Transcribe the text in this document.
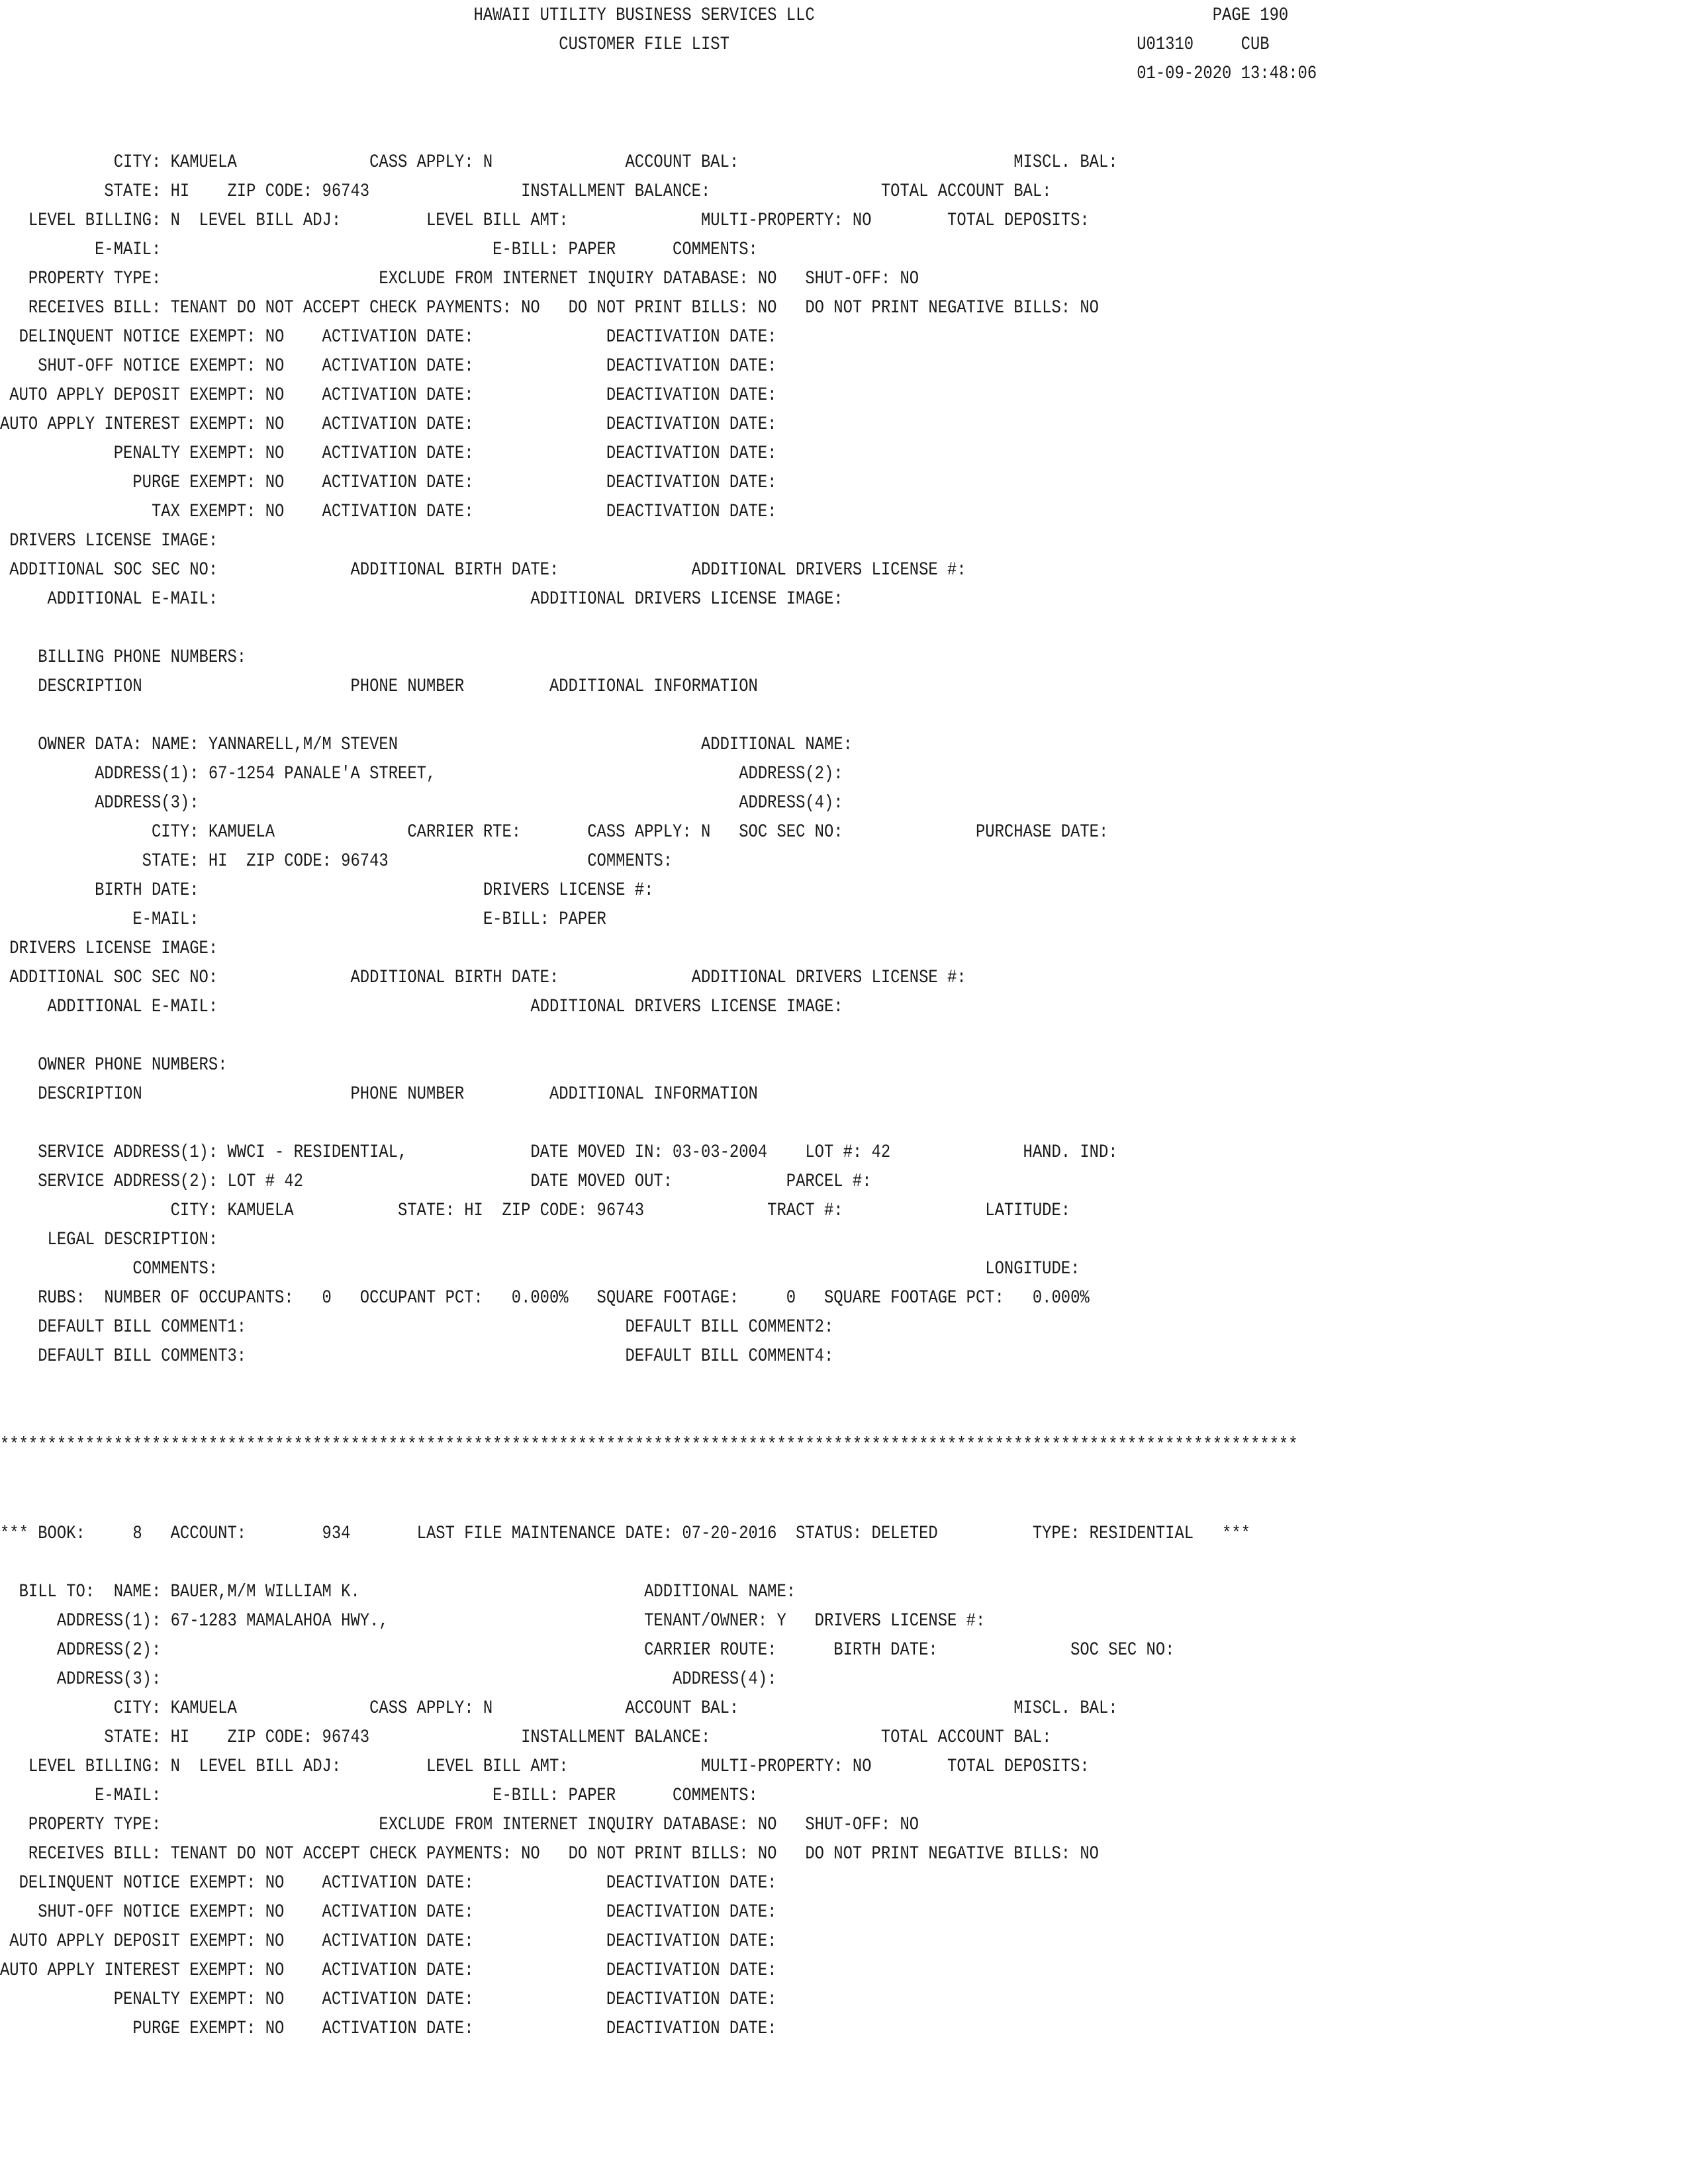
HAWAII UTILITY BUSINESS SERVICES LLC                                          PAGE 190
CUSTOMER FILE LIST                                           U01310     CUB
01-09-2020 13:48:06
CITY: KAMUELA              CASS APPLY: N              ACCOUNT BAL:                             MISCL. BAL:
STATE: HI    ZIP CODE: 96743                INSTALLMENT BALANCE:                  TOTAL ACCOUNT BAL:
LEVEL BILLING: N  LEVEL BILL ADJ:         LEVEL BILL AMT:              MULTI-PROPERTY: NO        TOTAL DEPOSITS:
E-MAIL:                                   E-BILL: PAPER      COMMENTS:
PROPERTY TYPE:                       EXCLUDE FROM INTERNET INQUIRY DATABASE: NO   SHUT-OFF: NO
RECEIVES BILL: TENANT DO NOT ACCEPT CHECK PAYMENTS: NO   DO NOT PRINT BILLS: NO   DO NOT PRINT NEGATIVE BILLS: NO
DELINQUENT NOTICE EXEMPT: NO    ACTIVATION DATE:              DEACTIVATION DATE:
SHUT-OFF NOTICE EXEMPT: NO    ACTIVATION DATE:              DEACTIVATION DATE:
AUTO APPLY DEPOSIT EXEMPT: NO    ACTIVATION DATE:              DEACTIVATION DATE:
AUTO APPLY INTEREST EXEMPT: NO    ACTIVATION DATE:              DEACTIVATION DATE:
PENALTY EXEMPT: NO    ACTIVATION DATE:              DEACTIVATION DATE:
PURGE EXEMPT: NO    ACTIVATION DATE:              DEACTIVATION DATE:
TAX EXEMPT: NO    ACTIVATION DATE:              DEACTIVATION DATE:
DRIVERS LICENSE IMAGE:
ADDITIONAL SOC SEC NO:              ADDITIONAL BIRTH DATE:              ADDITIONAL DRIVERS LICENSE #:
ADDITIONAL E-MAIL:                                 ADDITIONAL DRIVERS LICENSE IMAGE:
BILLING PHONE NUMBERS:
DESCRIPTION                      PHONE NUMBER         ADDITIONAL INFORMATION
OWNER DATA: NAME: YANNARELL,M/M STEVEN                                ADDITIONAL NAME:
ADDRESS(1): 67-1254 PANALE'A STREET,                                ADDRESS(2):
ADDRESS(3):                                                         ADDRESS(4):
CITY: KAMUELA              CARRIER RTE:       CASS APPLY: N   SOC SEC NO:              PURCHASE DATE:
STATE: HI  ZIP CODE: 96743                     COMMENTS:
BIRTH DATE:                              DRIVERS LICENSE #:
E-MAIL:                              E-BILL: PAPER
DRIVERS LICENSE IMAGE:
ADDITIONAL SOC SEC NO:              ADDITIONAL BIRTH DATE:              ADDITIONAL DRIVERS LICENSE #:
ADDITIONAL E-MAIL:                                 ADDITIONAL DRIVERS LICENSE IMAGE:
OWNER PHONE NUMBERS:
DESCRIPTION                      PHONE NUMBER         ADDITIONAL INFORMATION
SERVICE ADDRESS(1): WWCI - RESIDENTIAL,             DATE MOVED IN: 03-03-2004    LOT #: 42              HAND. IND:
SERVICE ADDRESS(2): LOT # 42                        DATE MOVED OUT:            PARCEL #:
CITY: KAMUELA           STATE: HI  ZIP CODE: 96743             TRACT #:               LATITUDE:
LEGAL DESCRIPTION:
COMMENTS:                                                                                 LONGITUDE:
RUBS:  NUMBER OF OCCUPANTS:   0   OCCUPANT PCT:   0.000%   SQUARE FOOTAGE:     0   SQUARE FOOTAGE PCT:   0.000%
DEFAULT BILL COMMENT1:                                        DEFAULT BILL COMMENT2:
DEFAULT BILL COMMENT3:                                        DEFAULT BILL COMMENT4:
*****************************************************************************************************************************************
*** BOOK:     8   ACCOUNT:        934       LAST FILE MAINTENANCE DATE: 07-20-2016  STATUS: DELETED          TYPE: RESIDENTIAL   ***
BILL TO:  NAME: BAUER,M/M WILLIAM K.                              ADDITIONAL NAME:
ADDRESS(1): 67-1283 MAMALAHOA HWY.,                           TENANT/OWNER: Y   DRIVERS LICENSE #:
ADDRESS(2):                                                   CARRIER ROUTE:      BIRTH DATE:              SOC SEC NO:
ADDRESS(3):                                                      ADDRESS(4):
CITY: KAMUELA              CASS APPLY: N              ACCOUNT BAL:                             MISCL. BAL:
STATE: HI    ZIP CODE: 96743                INSTALLMENT BALANCE:                  TOTAL ACCOUNT BAL:
LEVEL BILLING: N  LEVEL BILL ADJ:         LEVEL BILL AMT:              MULTI-PROPERTY: NO        TOTAL DEPOSITS:
E-MAIL:                                   E-BILL: PAPER      COMMENTS:
PROPERTY TYPE:                       EXCLUDE FROM INTERNET INQUIRY DATABASE: NO   SHUT-OFF: NO
RECEIVES BILL: TENANT DO NOT ACCEPT CHECK PAYMENTS: NO   DO NOT PRINT BILLS: NO   DO NOT PRINT NEGATIVE BILLS: NO
DELINQUENT NOTICE EXEMPT: NO    ACTIVATION DATE:              DEACTIVATION DATE:
SHUT-OFF NOTICE EXEMPT: NO    ACTIVATION DATE:              DEACTIVATION DATE:
AUTO APPLY DEPOSIT EXEMPT: NO    ACTIVATION DATE:              DEACTIVATION DATE:
AUTO APPLY INTEREST EXEMPT: NO    ACTIVATION DATE:              DEACTIVATION DATE:
PENALTY EXEMPT: NO    ACTIVATION DATE:              DEACTIVATION DATE:
PURGE EXEMPT: NO    ACTIVATION DATE:              DEACTIVATION DATE:
